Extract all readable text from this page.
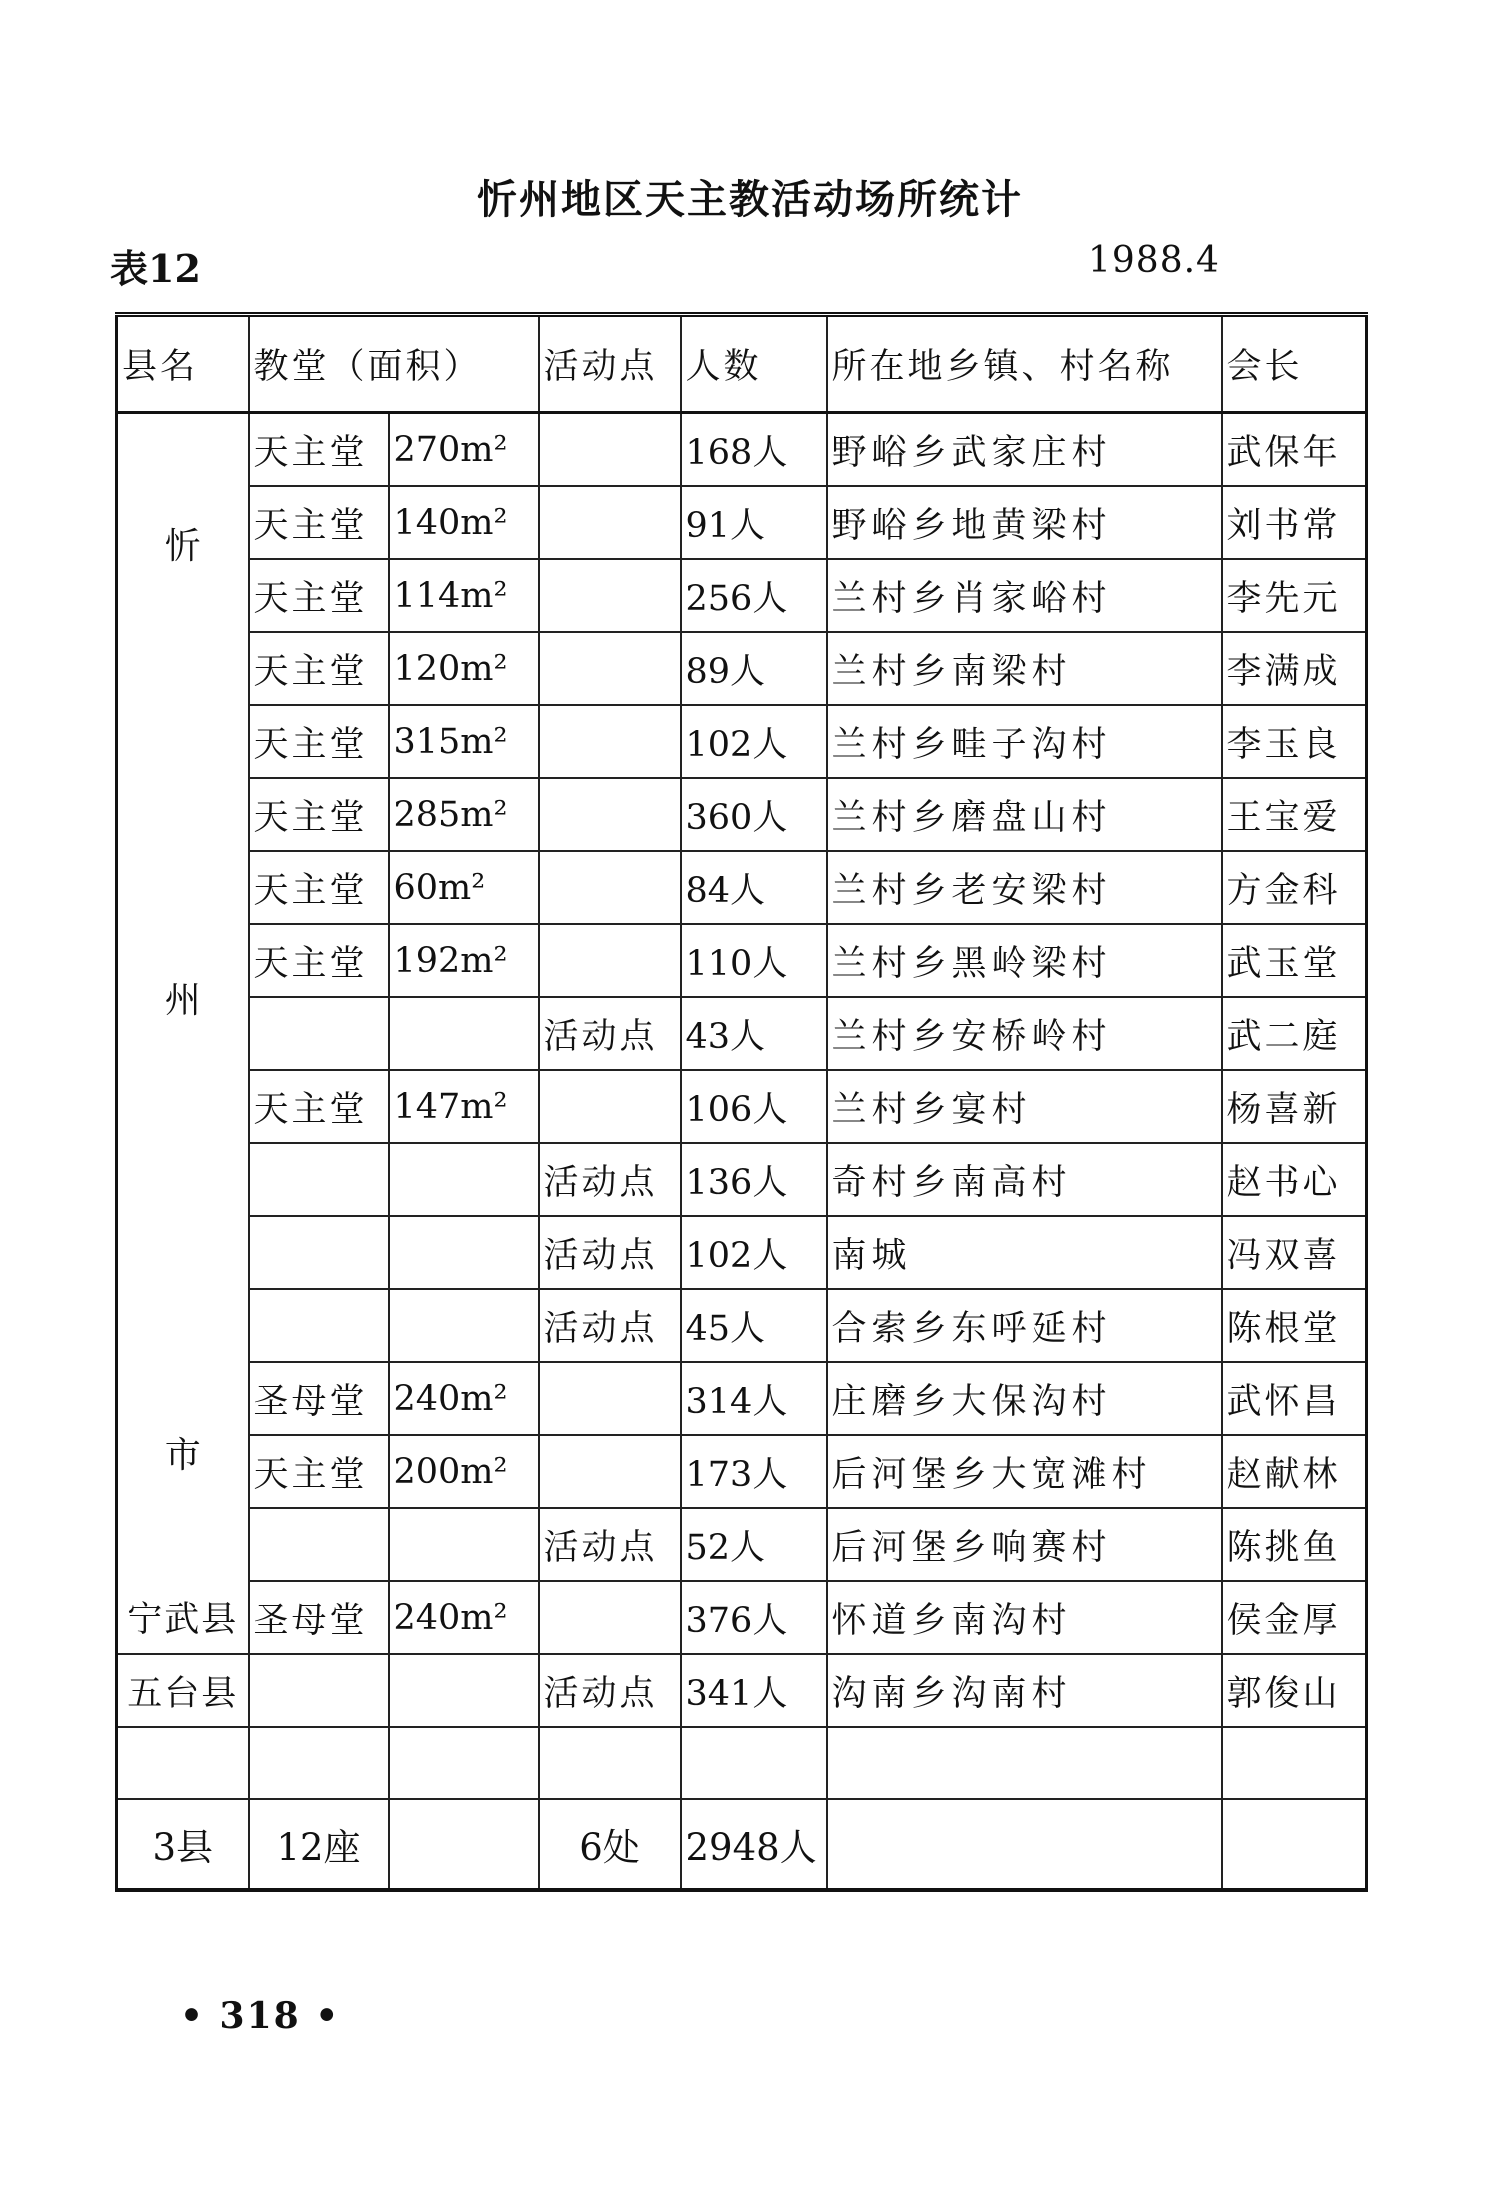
忻州地区天主教活动场所统计
表12	1988.4
县名	教堂（面积）		活动点	人数	所在地乡镇、村名称	会长

忻
州
市	天主堂	270m²		168人	野峪乡武家庄村	武保年
	天主堂	140m²		91人	野峪乡地黄梁村	刘书常
	天主堂	114m²		256人	兰村乡肖家峪村	李先元
	天主堂	120m²		89人	兰村乡南梁村	李满成
	天主堂	315m²		102人	兰村乡畦子沟村	李玉良
	天主堂	285m²		360人	兰村乡磨盘山村	王宝爱
	天主堂	60m²		84人	兰村乡老安梁村	方金科
	天主堂	192m²		110人	兰村乡黑岭梁村	武玉堂
			活动点	43人	兰村乡安桥岭村	武二庭
	天主堂	147m²		106人	兰村乡宴村	杨喜新
			活动点	136人	奇村乡南高村	赵书心
			活动点	102人	南城	冯双喜
			活动点	45人	合索乡东呼延村	陈根堂
	圣母堂	240m²		314人	庄磨乡大保沟村	武怀昌
	天主堂	200m²		173人	后河堡乡大宽滩村	赵献林
			活动点	52人	后河堡乡响赛村	陈挑鱼
宁武县	圣母堂	240m²		376人	怀道乡南沟村	侯金厚
五台县			活动点	341人	沟南乡沟南村	郭俊山

3县	12座		6处	2948人		
• 318 •
